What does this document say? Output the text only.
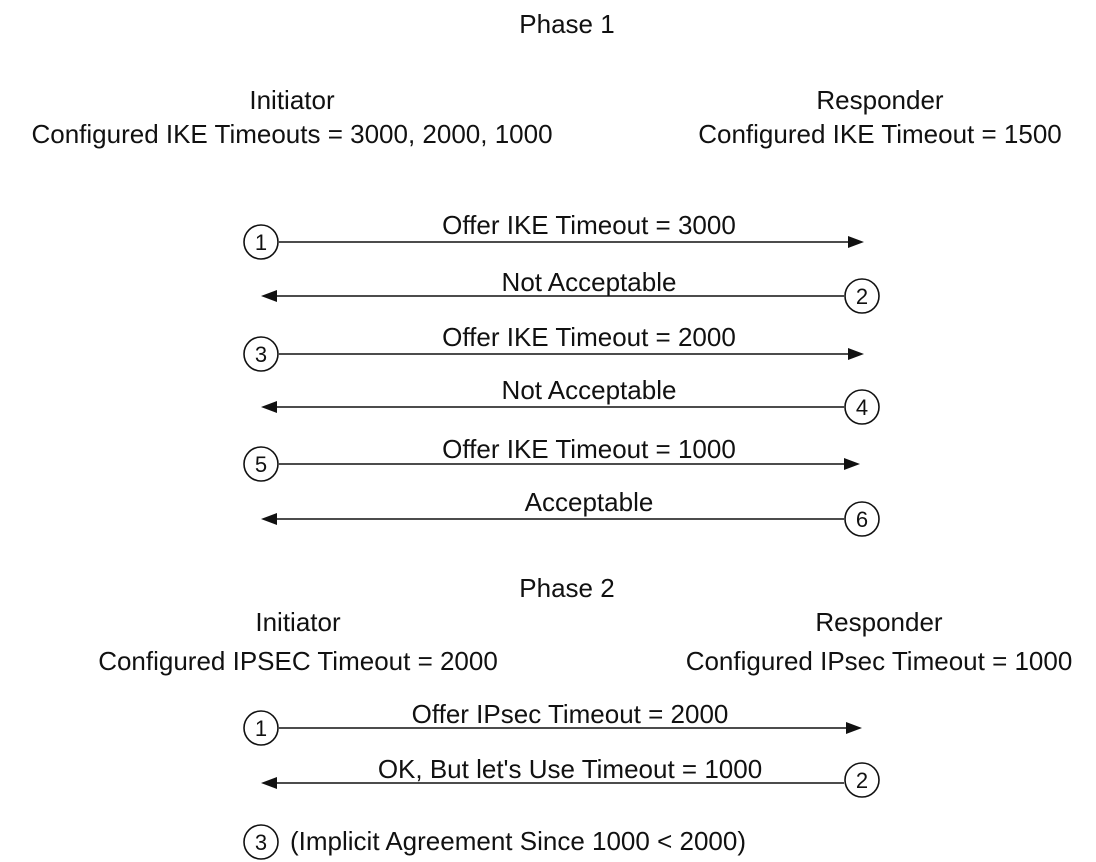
Phase 1
Initiator
Configured IKE Timeouts = 3000, 2000, 1000
Responder
Configured IKE Timeout = 1500
1
Offer IKE Timeout = 3000
2
Not Acceptable
3
Offer IKE Timeout = 2000
4
Not Acceptable
5
Offer IKE Timeout = 1000
6
Acceptable
Phase 2
Initiator
Configured IPSEC Timeout = 2000
Responder
Configured IPsec Timeout = 1000
1	Offer IPsec Timeout = 2000
2
OK, But let's Use Timeout = 1000
3 (Implicit Agreement Since 1000 < 2000)
